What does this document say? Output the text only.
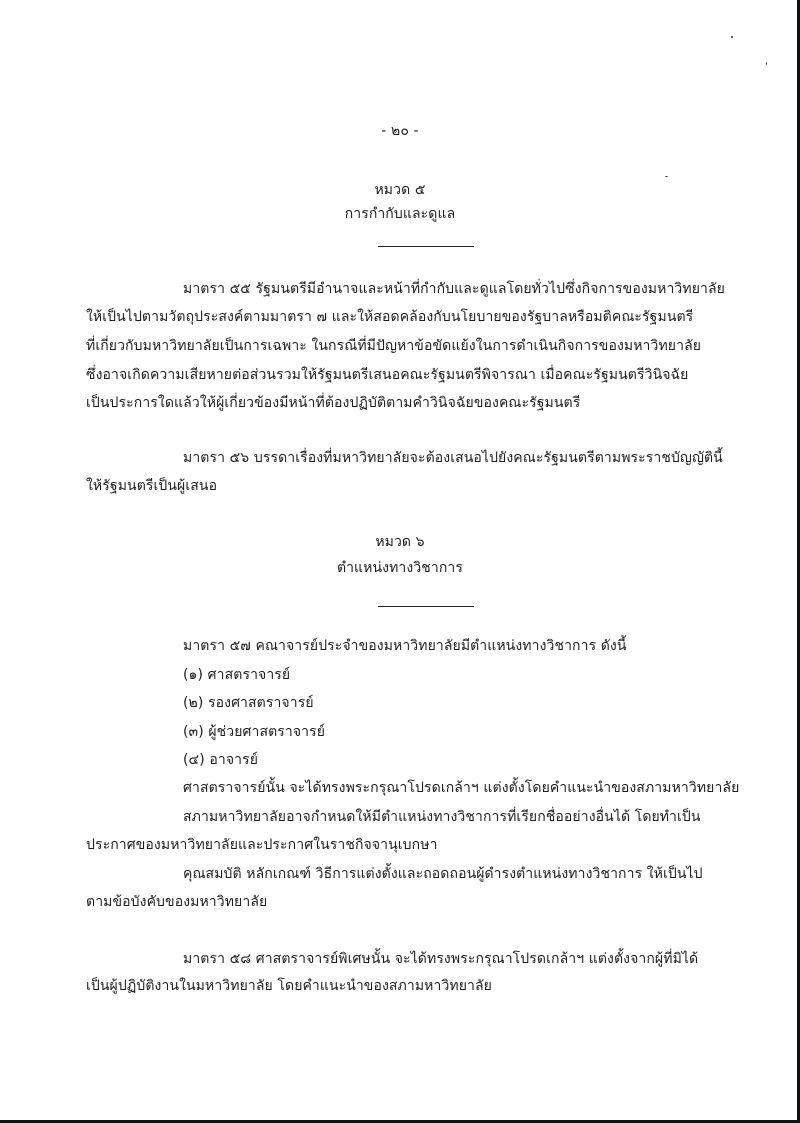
- ๒๐ -
หมวด ๕
การกำกับและดูแล
มาตรา ๕๕ รัฐมนตรีมีอำนาจและหน้าที่กำกับและดูแลโดยทั่วไปซึ่งกิจการของมหาวิทยาลัย
ให้เป็นไปตามวัตถุประสงค์ตามมาตรา ๗ และให้สอดคล้องกับนโยบายของรัฐบาลหรือมติคณะรัฐมนตรี
ที่เกี่ยวกับมหาวิทยาลัยเป็นการเฉพาะ ในกรณีที่มีปัญหาข้อขัดแย้งในการดำเนินกิจการของมหาวิทยาลัย
ซึ่งอาจเกิดความเสียหายต่อส่วนรวมให้รัฐมนตรีเสนอคณะรัฐมนตรีพิจารณา เมื่อคณะรัฐมนตรีวินิจฉัย
เป็นประการใดแล้วให้ผู้เกี่ยวข้องมีหน้าที่ต้องปฏิบัติตามคำวินิจฉัยของคณะรัฐมนตรี
มาตรา ๕๖ บรรดาเรื่องที่มหาวิทยาลัยจะต้องเสนอไปยังคณะรัฐมนตรีตามพระราชบัญญัตินี้
ให้รัฐมนตรีเป็นผู้เสนอ
หมวด ๖
ตำแหน่งทางวิชาการ
มาตรา ๕๗ คณาจารย์ประจำของมหาวิทยาลัยมีตำแหน่งทางวิชาการ ดังนี้
(๑) ศาสตราจารย์
(๒) รองศาสตราจารย์
(๓) ผู้ช่วยศาสตราจารย์
(๔) อาจารย์
ศาสตราจารย์นั้น จะได้ทรงพระกรุณาโปรดเกล้าฯ แต่งตั้งโดยคำแนะนำของสภามหาวิทยาลัย
สภามหาวิทยาลัยอาจกำหนดให้มีตำแหน่งทางวิชาการที่เรียกชื่ออย่างอื่นได้ โดยทำเป็น
ประกาศของมหาวิทยาลัยและประกาศในราชกิจจานุเบกษา
คุณสมบัติ หลักเกณฑ์ วิธีการแต่งตั้งและถอดถอนผู้ดำรงตำแหน่งทางวิชาการ ให้เป็นไป
ตามข้อบังคับของมหาวิทยาลัย
มาตรา ๕๘ ศาสตราจารย์พิเศษนั้น จะได้ทรงพระกรุณาโปรดเกล้าฯ แต่งตั้งจากผู้ที่มิได้
เป็นผู้ปฏิบัติงานในมหาวิทยาลัย โดยคำแนะนำของสภามหาวิทยาลัย
